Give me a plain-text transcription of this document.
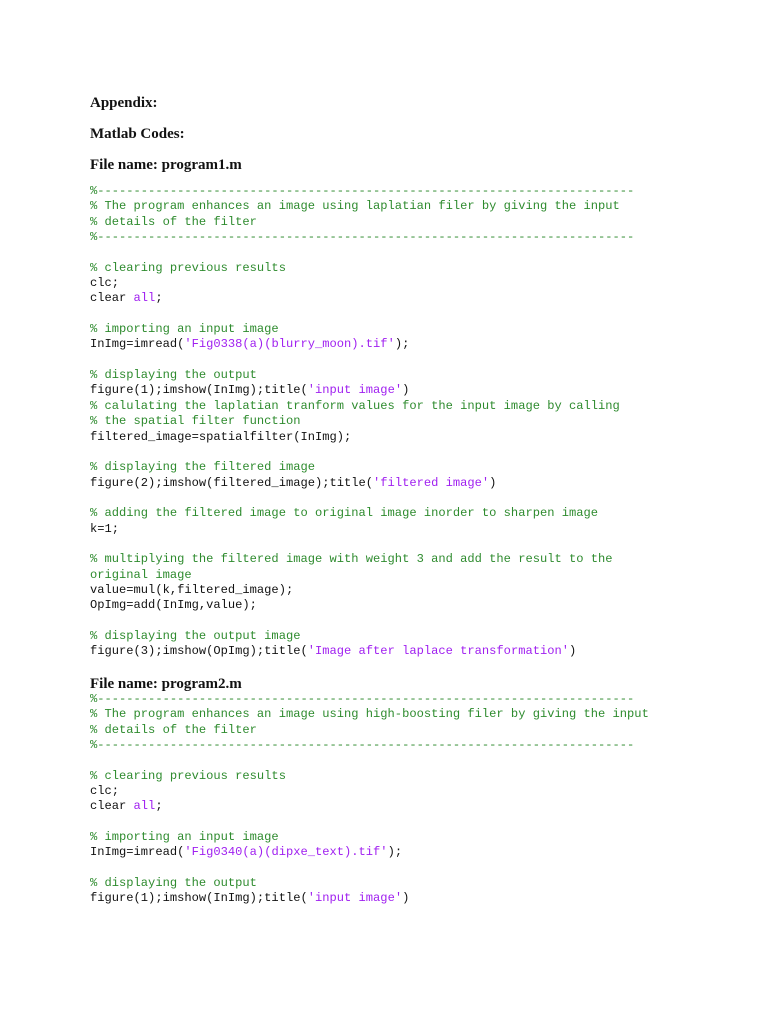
Appendix:
Matlab Codes:
File name: program1.m
%--------------------------------------------------------------------------
% The program enhances an image using laplatian filer by giving the input
% details of the filter
%--------------------------------------------------------------------------
% clearing previous results
clc;
clear all;
% importing an input image
InImg=imread('Fig0338(a)(blurry_moon).tif');
% displaying the output
figure(1);imshow(InImg);title('input image')
% calulating the laplatian tranform values for the input image by calling
% the spatial filter function
filtered_image=spatialfilter(InImg);
% displaying the filtered image
figure(2);imshow(filtered_image);title('filtered image')
% adding the filtered image to original image inorder to sharpen image
k=1;
% multiplying the filtered image with weight 3 and add the result to the
original image
value=mul(k,filtered_image);
OpImg=add(InImg,value);
% displaying the output image
figure(3);imshow(OpImg);title('Image after laplace transformation')
File name: program2.m
%--------------------------------------------------------------------------
% The program enhances an image using high-boosting filer by giving the input
% details of the filter
%--------------------------------------------------------------------------
% clearing previous results
clc;
clear all;
% importing an input image
InImg=imread('Fig0340(a)(dipxe_text).tif');
% displaying the output
figure(1);imshow(InImg);title('input image')
